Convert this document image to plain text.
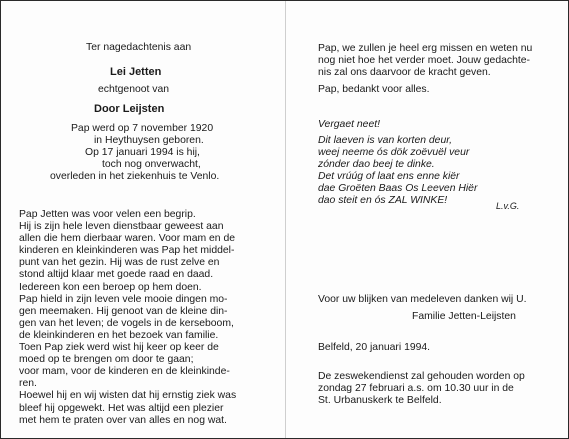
Ter nagedachtenis aan
Lei Jetten
echtgenoot van
Door Leijsten
Pap werd op 7 november 1920
in Heythuysen geboren.
Op 17 januari 1994 is hij,
toch nog onverwacht,
overleden in het ziekenhuis te Venlo.
Pap Jetten was voor velen een begrip.
Hij is zijn hele leven dienstbaar geweest aan
allen die hem dierbaar waren. Voor mam en de
kinderen en kleinkinderen was Pap het middel-
punt van het gezin. Hij was de rust zelve en
stond altijd klaar met goede raad en daad.
Iedereen kon een beroep op hem doen.
Pap hield in zijn leven vele mooie dingen mo-
gen meemaken. Hij genoot van de kleine din-
gen van het leven; de vogels in de kerseboom,
de kleinkinderen en het bezoek van familie.
Toen Pap ziek werd wist hij keer op keer de
moed op te brengen om door te gaan;
voor mam, voor de kinderen en de kleinkinde-
ren.
Hoewel hij en wij wisten dat hij ernstig ziek was
bleef hij opgewekt. Het was altijd een plezier
met hem te praten over van alles en nog wat.
Pap, we zullen je heel erg missen en weten nu
nog niet hoe het verder moet. Jouw gedachte-
nis zal ons daarvoor de kracht geven.
Pap, bedankt voor alles.
Vergaet neet!
Dit laeven is van korten deur,
weej neeme ós dök zoëvuël veur
zónder dao beej te dinke.
Det vrúúg of laat ens enne kiër
dae Groëten Baas Os Leeven Hiër
dao steit en ós ZAL WINKE!	L.v.G.
Voor uw blijken van medeleven danken wij U.
Familie Jetten-Leijsten
Belfeld, 20 januari 1994.
De zeswekendienst zal gehouden worden op
zondag 27 februari a.s. om 10.30 uur in de
St. Urbanuskerk te Belfeld.
